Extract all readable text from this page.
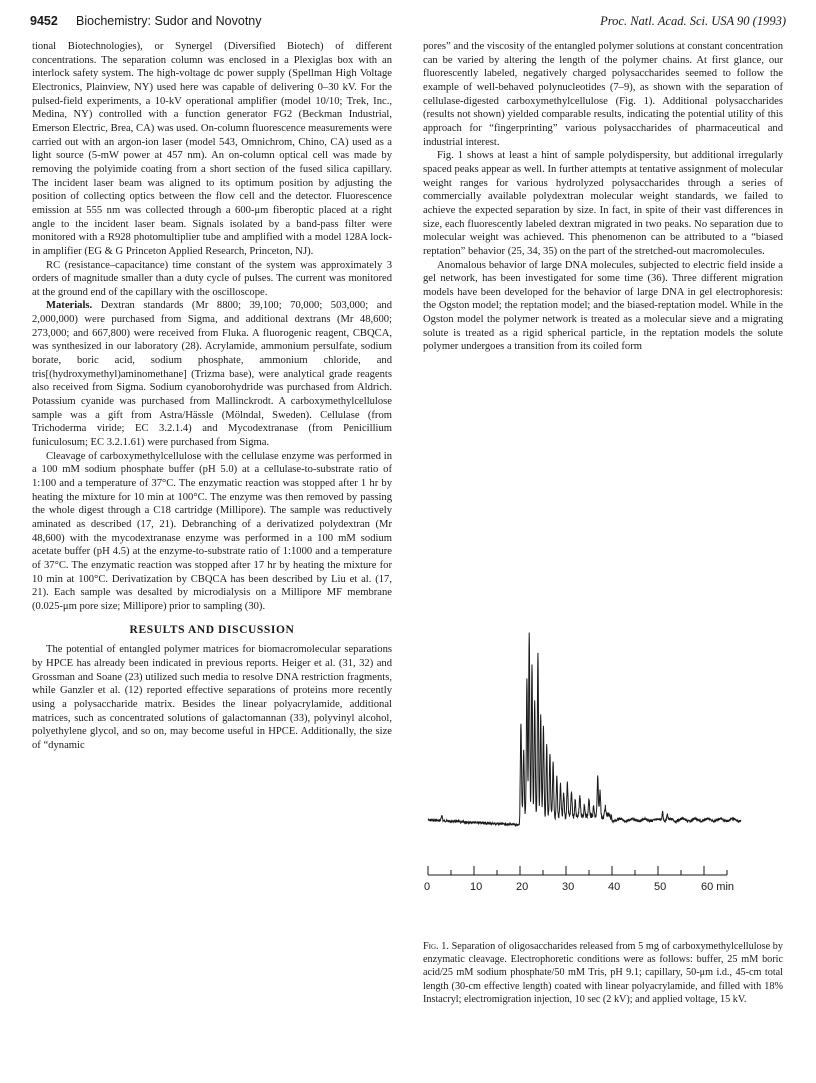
9452 Biochemistry: Sudor and Novotny	Proc. Natl. Acad. Sci. USA 90 (1993)

tional Biotechnologies), or Synergel (Diversified Biotech) of different concentrations. The separation column was enclosed in a Plexiglas box with an interlock safety system. The high-voltage dc power supply (Spellman High Voltage Electronics, Plainview, NY) used here was capable of delivering 0–30 kV. For the pulsed-field experiments, a 10-kV operational amplifier (model 10/10; Trek, Inc., Medina, NY) controlled with a function generator FG2 (Beckman Industrial, Emerson Electric, Brea, CA) was used. On-column fluorescence measurements were carried out with an argon-ion laser (model 543, Omnichrom, Chino, CA) used as a light source (5-mW power at 457 nm). An on-column optical cell was made by removing the polyimide coating from a short section of the fused silica capillary. The incident laser beam was aligned to its optimum position by adjusting the position of collecting optics between the flow cell and the detector. Fluorescence emission at 555 nm was collected through a 600-μm fiberoptic placed at a right angle to the incident laser beam. Signals isolated by a band-pass filter were monitored with a R928 photomultiplier tube and amplified with a model 128A lock-in amplifier (EG & G Princeton Applied Research, Princeton, NJ).

RC (resistance–capacitance) time constant of the system was approximately 3 orders of magnitude smaller than a duty cycle of pulses. The current was monitored at the ground end of the capillary with the oscilloscope.

Materials. Dextran standards (Mr 8800; 39,100; 70,000; 503,000; and 2,000,000) were purchased from Sigma, and additional dextrans (Mr 48,600; 273,000; and 667,800) were received from Fluka. A fluorogenic reagent, CBQCA, was synthesized in our laboratory (28). Acrylamide, ammonium persulfate, sodium borate, boric acid, sodium phosphate, ammonium chloride, and tris[(hydroxymethyl)aminomethane] (Trizma base), were analytical grade reagents also received from Sigma. Sodium cyanoborohydride was purchased from Aldrich. Potassium cyanide was purchased from Mallinckrodt. A carboxymethylcellulose sample was a gift from Astra/Hässle (Mölndal, Sweden). Cellulase (from Trichoderma viride; EC 3.2.1.4) and Mycodextranase (from Penicillium funiculosum; EC 3.2.1.61) were purchased from Sigma.

Cleavage of carboxymethylcellulose with the cellulase enzyme was performed in a 100 mM sodium phosphate buffer (pH 5.0) at a cellulase-to-substrate ratio of 1:100 and a temperature of 37°C. The enzymatic reaction was stopped after 1 hr by heating the mixture for 10 min at 100°C. The enzyme was then removed by passing the whole digest through a C18 cartridge (Millipore). The sample was reductively aminated as described (17, 21). Debranching of a derivatized polydextran (Mr 48,600) with the mycodextranase enzyme was performed in a 100 mM sodium acetate buffer (pH 4.5) at the enzyme-to-substrate ratio of 1:1000 and a temperature of 37°C. The enzymatic reaction was stopped after 17 hr by heating the mixture for 10 min at 100°C. Derivatization by CBQCA has been described by Liu et al. (17, 21). Each sample was desalted by microdialysis on a Millipore MF membrane (0.025-μm pore size; Millipore) prior to sampling (30).

RESULTS AND DISCUSSION

The potential of entangled polymer matrices for biomacromolecular separations by HPCE has already been indicated in previous reports. Heiger et al. (31, 32) and Grossman and Soane (23) utilized such media to resolve DNA restriction fragments, while Ganzler et al. (12) reported effective separations of proteins more recently using a polysaccharide matrix. Besides the linear polyacrylamide, additional matrices, such as concentrated solutions of galactomannan (33), polyvinyl alcohol, polyethylene glycol, and so on, may become useful in HPCE. Additionally, the size of “dynamic

pores” and the viscosity of the entangled polymer solutions at constant concentration can be varied by altering the length of the polymer chains. At first glance, our fluorescently labeled, negatively charged polysaccharides seemed to follow the example of well-behaved polynucleotides (7–9), as shown with the separation of cellulase-digested carboxymethylcellulose (Fig. 1). Additional polysaccharides (results not shown) yielded comparable results, indicating the potential utility of this approach for “fingerprinting” various polysaccharides of pharmaceutical and industrial interest.

Fig. 1 shows at least a hint of sample polydispersity, but additional irregularly spaced peaks appear as well. In further attempts at tentative assignment of molecular weight ranges for various hydrolyzed polysaccharides through a series of commercially available polydextran molecular weight standards, we failed to achieve the expected separation by size. In fact, in spite of their vast differences in size, each fluorescently labeled dextran migrated in two peaks. No separation due to molecular weight was achieved. This phenomenon can be attributed to a “biased reptation” behavior (25, 34, 35) on the part of the stretched-out macromolecules.

Anomalous behavior of large DNA molecules, subjected to electric field inside a gel network, has been investigated for some time (36). Three different migration models have been developed for the behavior of large DNA in gel electrophoresis: the Ogston model; the reptation model; and the biased-reptation model. While in the Ogston model the polymer network is treated as a molecular sieve and a migrating solute is treated as a rigid spherical particle, in the reptation models the solute polymer undergoes a transition from its coiled form

0	10	20	30	40	50	60 min
Fig. 1. Separation of oligosaccharides released from 5 mg of carboxymethylcellulose by enzymatic cleavage. Electrophoretic conditions were as follows: buffer, 25 mM boric acid/25 mM sodium phosphate/50 mM Tris, pH 9.1; capillary, 50-μm i.d., 45-cm total length (30-cm effective length) coated with linear polyacrylamide, and filled with 18% Instacryl; electromigration injection, 10 sec (2 kV); and applied voltage, 15 kV.
